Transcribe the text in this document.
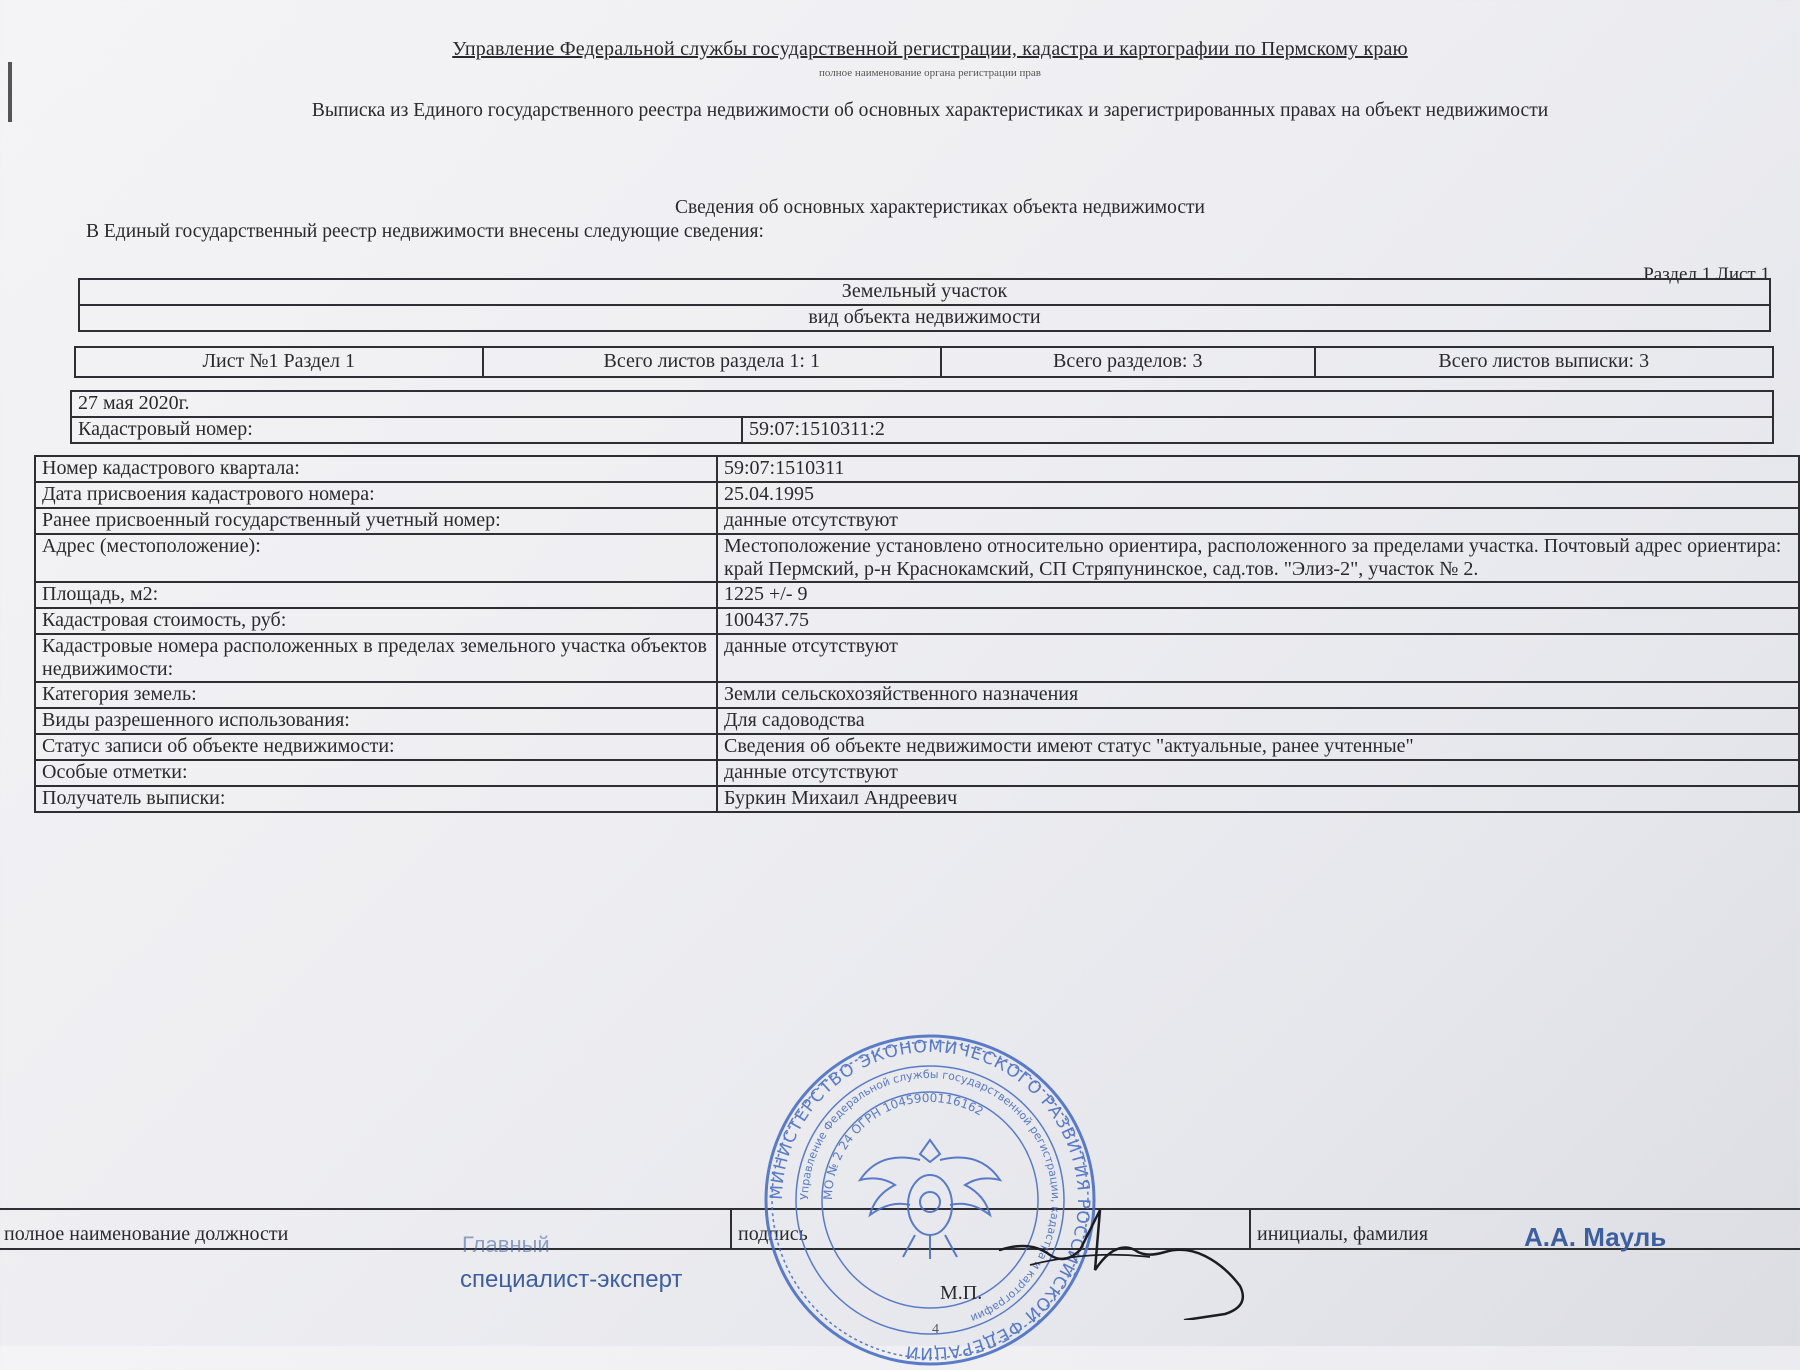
Управление Федеральной службы государственной регистрации, кадастра и картографии по Пермскому краю
полное наименование органа регистрации прав
Выписка из Единого государственного реестра недвижимости об основных характеристиках и зарегистрированных правах на объект недвижимости
Сведения об основных характеристиках объекта недвижимости
В Единый государственный реестр недвижимости внесены следующие сведения:
Раздел 1 Лист 1
Земельный участок
вид объекта недвижимости
Лист №1 Раздел 1	Всего листов раздела 1: 1	Всего разделов: 3	Всего листов выписки: 3
27 мая 2020г.
Кадастровый номер:	59:07:1510311:2
Номер кадастрового квартала:	59:07:1510311
Дата присвоения кадастрового номера:	25.04.1995
Ранее присвоенный государственный учетный номер:	данные отсутствуют
Адрес (местоположение):	Местоположение установлено относительно ориентира, расположенного за пределами участка. Почтовый адрес ориентира: край Пермский, р-н Краснокамский, СП Стряпунинское, сад.тов. "Элиз-2", участок № 2.
Площадь, м2:	1225 +/- 9
Кадастровая стоимость, руб:	100437.75
Кадастровые номера расположенных в пределах земельного участка объектов недвижимости:	данные отсутствуют
Категория земель:	Земли сельскохозяйственного назначения
Виды разрешенного использования:	Для садоводства
Статус записи об объекте недвижимости:	Сведения об объекте недвижимости имеют статус "актуальные, ранее учтенные"
Особые отметки:	данные отсутствуют
Получатель выписки:	Буркин Михаил Андреевич
полное наименование должности	подпись	инициалы, фамилия
Главный
специалист-эксперт
А.А. Мауль
МИНИСТЕРСТВО ЭКОНОМИЧЕСКОГО РАЗВИТИЯ РОССИЙСКОЙ ФЕДЕРАЦИИ
Управление Федеральной службы государственной регистрации, кадастра и картографии
МО № 2 24 ОГРН 1045900116162
М.П.
4
